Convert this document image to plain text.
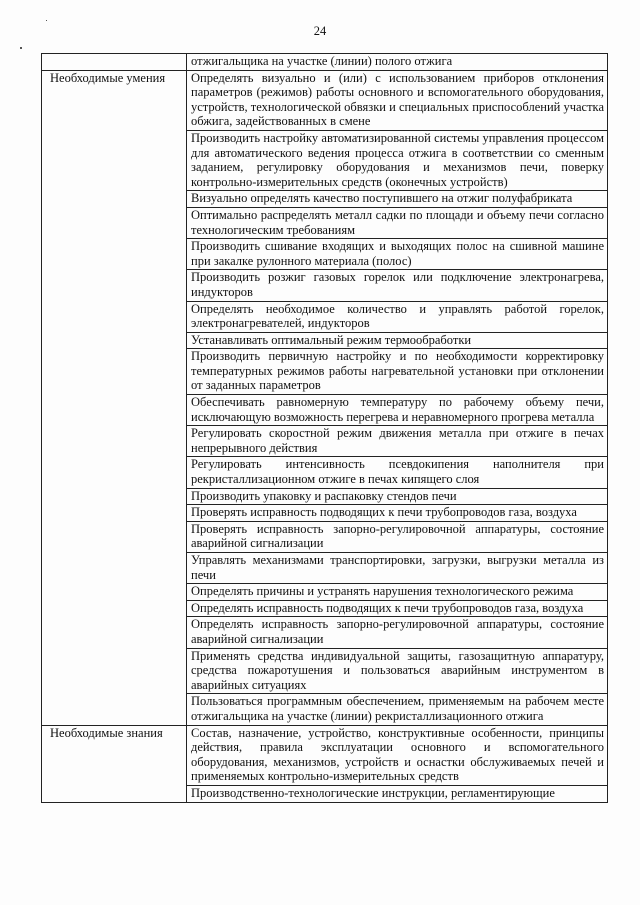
24
	отжигальщика на участке (линии) полого отжига
Необходимые умения	Определять визуально и (или) с использованием приборов отклонения параметров (режимов) работы основного и вспомогательного оборудования, устройств, технологической обвязки и специальных приспособлений участка обжига, задействованных в смене
	Производить настройку автоматизированной системы управления процессом для автоматического ведения процесса отжига в соответствии со сменным заданием, регулировку оборудования и механизмов печи, поверку контрольно-измерительных средств (оконечных устройств)
	Визуально определять качество поступившего на отжиг полуфабриката
	Оптимально распределять металл садки по площади и объему печи согласно технологическим требованиям
	Производить сшивание входящих и выходящих полос на сшивной машине при закалке рулонного материала (полос)
	Производить розжиг газовых горелок или подключение электронагрева, индукторов
	Определять необходимое количество и управлять работой горелок, электронагревателей, индукторов
	Устанавливать оптимальный режим термообработки
	Производить первичную настройку и по необходимости корректировку температурных режимов работы нагревательной установки при отклонении от заданных параметров
	Обеспечивать равномерную температуру по рабочему объему печи, исключающую возможность перегрева и неравномерного прогрева металла
	Регулировать скоростной режим движения металла при отжиге в печах непрерывного действия
	Регулировать интенсивность псевдокипения наполнителя при рекристаллизационном отжиге в печах кипящего слоя
	Производить упаковку и распаковку стендов печи
	Проверять исправность подводящих к печи трубопроводов газа, воздуха
	Проверять исправность запорно-регулировочной аппаратуры, состояние аварийной сигнализации
	Управлять механизмами транспортировки, загрузки, выгрузки металла из печи
	Определять причины и устранять нарушения технологического режима
	Определять исправность подводящих к печи трубопроводов газа, воздуха
	Определять исправность запорно-регулировочной аппаратуры, состояние аварийной сигнализации
	Применять средства индивидуальной защиты, газозащитную аппаратуру, средства пожаротушения и пользоваться аварийным инструментом в аварийных ситуациях
	Пользоваться программным обеспечением, применяемым на рабочем месте отжигальщика на участке (линии) рекристаллизационного отжига
Необходимые знания	Состав, назначение, устройство, конструктивные особенности, принципы действия, правила эксплуатации основного и вспомогательного оборудования, механизмов, устройств и оснастки обслуживаемых печей и применяемых контрольно-измерительных средств
	Производственно-технологические инструкции, регламентирующие
